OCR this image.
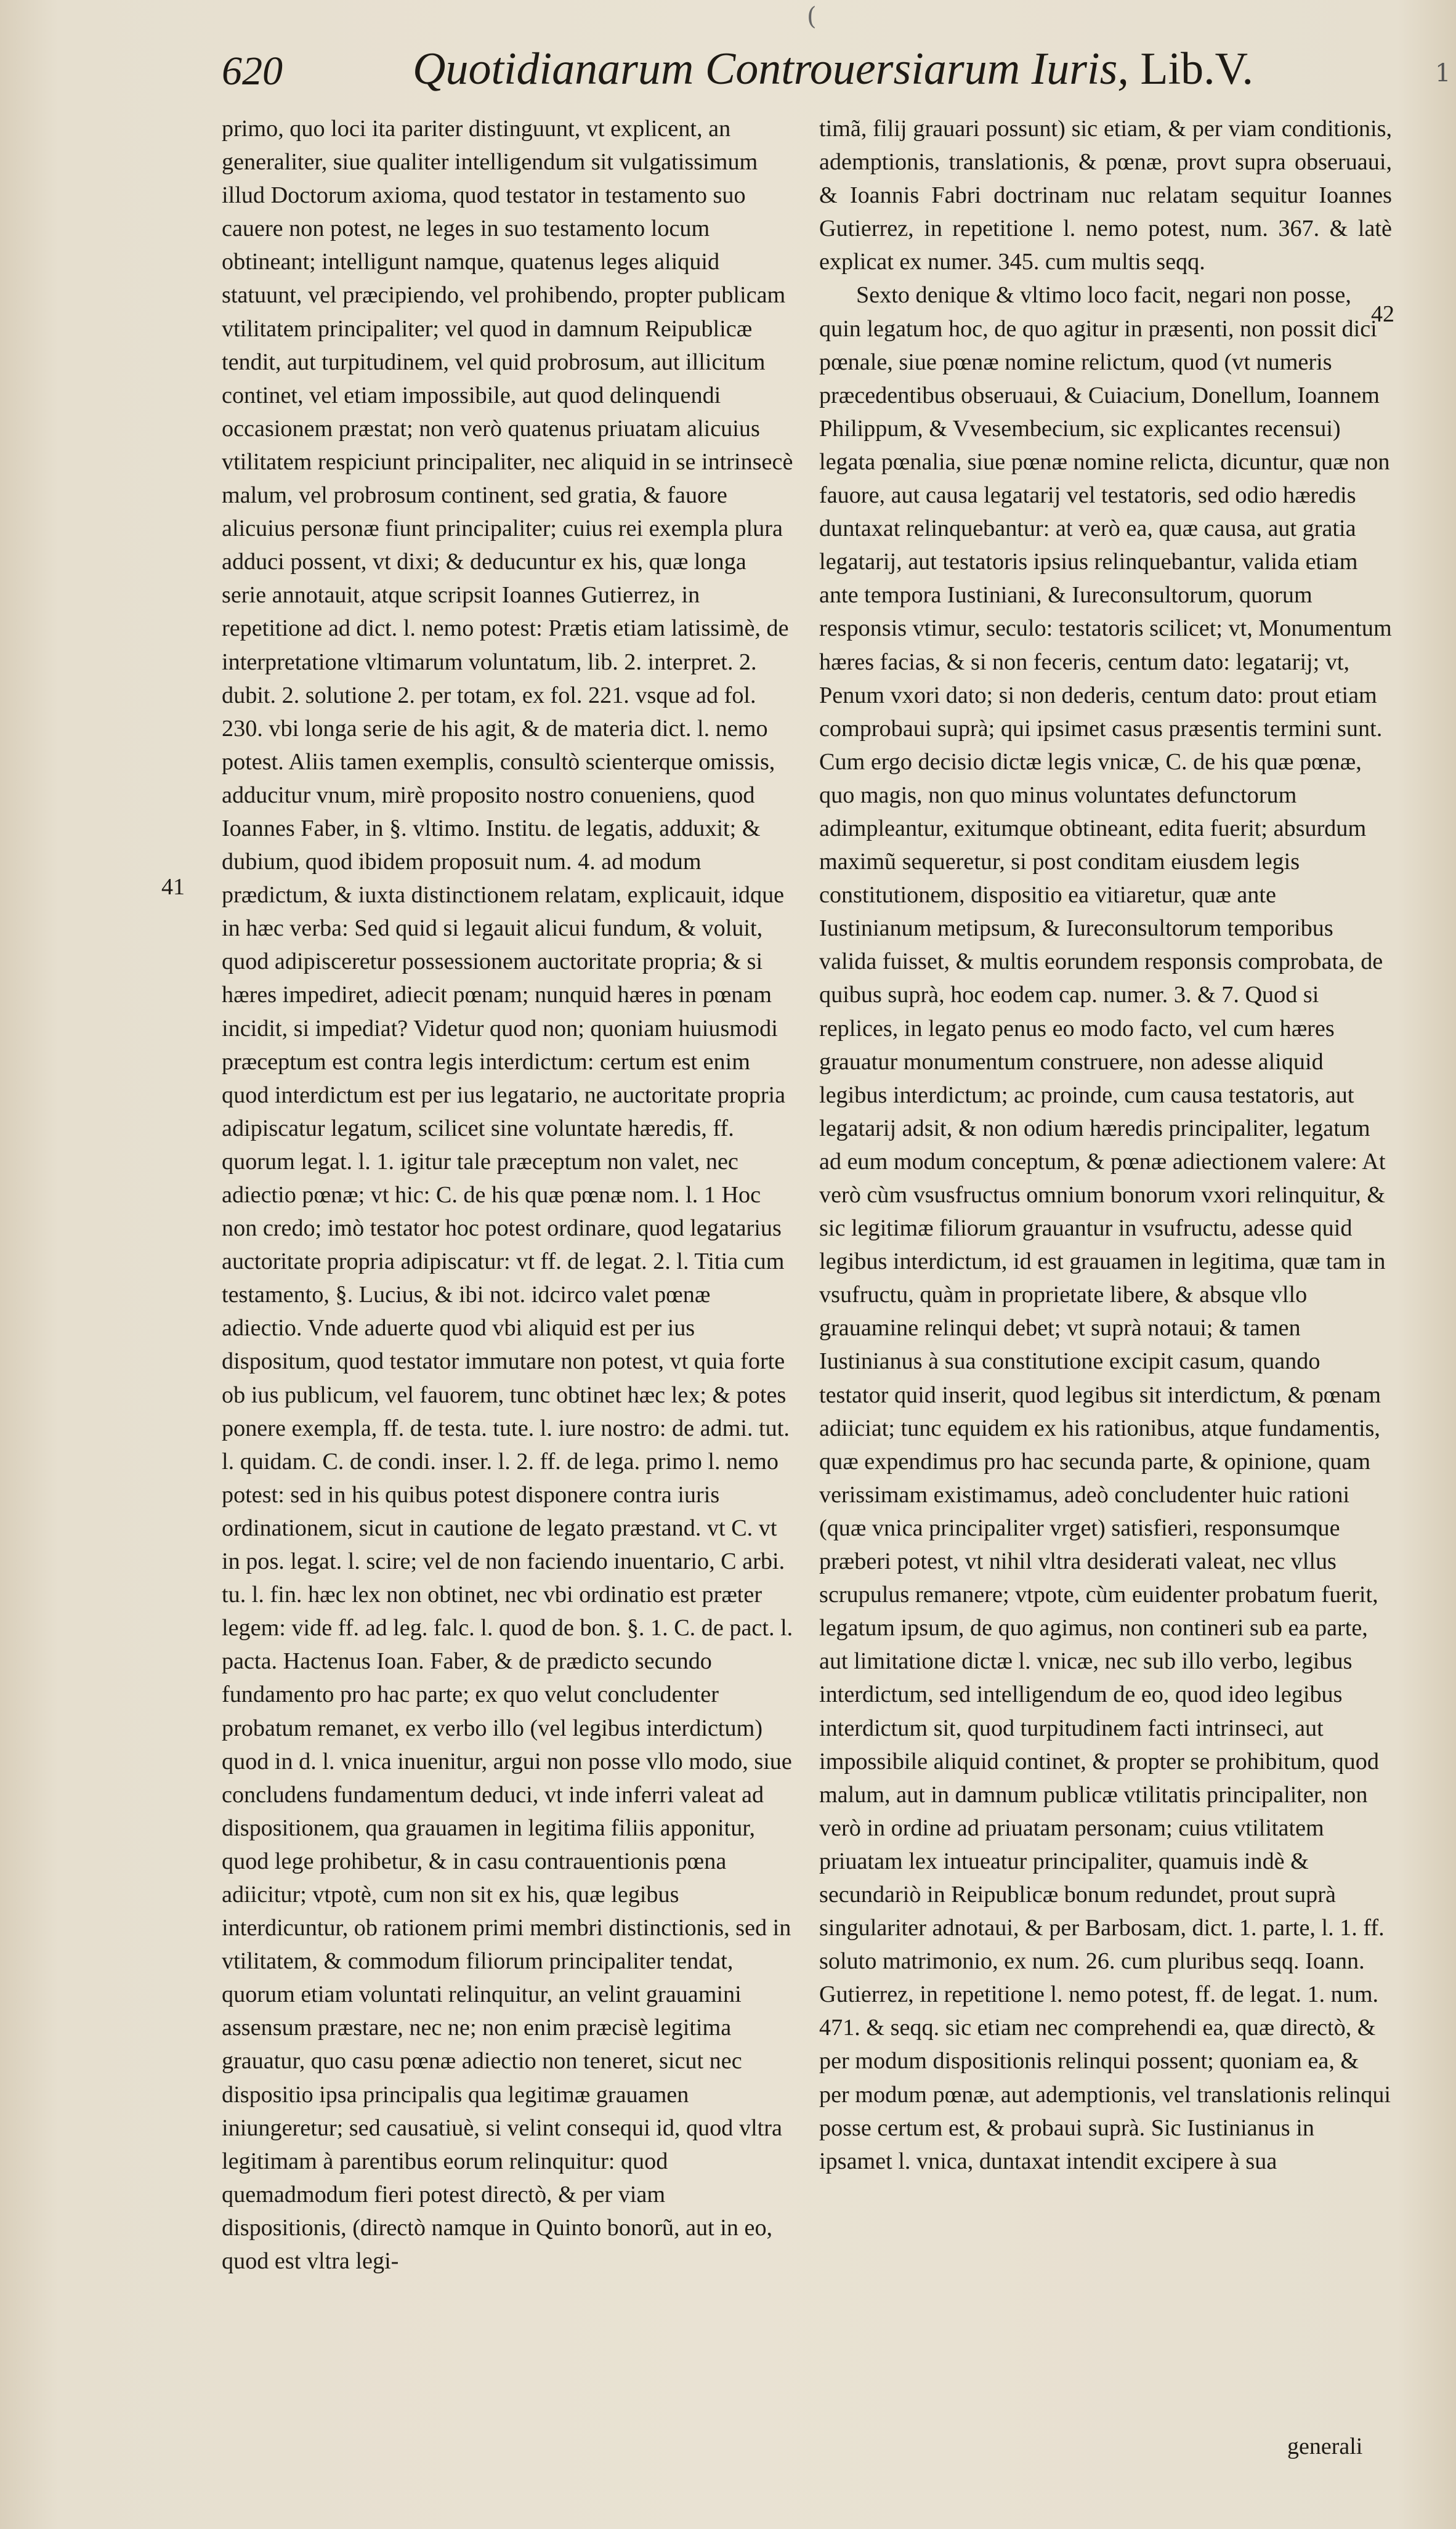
(
1
620	Quotidianarum Controuersiarum Iuris, Lib.V.
41
42

primo, quo loci ita pariter distinguunt, vt explicent, an generaliter, siue qualiter intelligendum sit vulgatissimum illud Doctorum axioma, quod testator in testamento suo cauere non potest, ne leges in suo testamento locum obtineant; intelligunt namque, quatenus leges aliquid statuunt, vel præcipiendo, vel prohibendo, propter publicam vtilitatem principaliter; vel quod in damnum Reipublicæ tendit, aut turpitudinem, vel quid probrosum, aut illicitum continet, vel etiam impossibile, aut quod delinquendi occasionem præstat; non verò quatenus priuatam alicuius vtilitatem respiciunt principaliter, nec aliquid in se intrinsecè malum, vel probrosum continent, sed gratia, & fauore alicuius personæ fiunt principaliter; cuius rei exempla plura adduci possent, vt dixi; & deducuntur ex his, quæ longa serie annotauit, atque scripsit Ioannes Gutierrez, in repetitione ad dict. l. nemo potest: Prætis etiam latissimè, de interpretatione vltimarum voluntatum, lib. 2. interpret. 2. dubit. 2. solutione 2. per totam, ex fol. 221. vsque ad fol. 230. vbi longa serie de his agit, & de materia dict. l. nemo potest. Aliis tamen exemplis, consultò scienterque omissis, adducitur vnum, mirè proposito nostro conueniens, quod Ioannes Faber, in §. vltimo. Institu. de legatis, adduxit; & dubium, quod ibidem proposuit num. 4. ad modum prædictum, & iuxta distinctionem relatam, explicauit, idque in hæc verba: Sed quid si legauit alicui fundum, & voluit, quod adipisceretur possessionem auctoritate propria; & si hæres impediret, adiecit pœnam; nunquid hæres in pœnam incidit, si impediat? Videtur quod non; quoniam huiusmodi præceptum est contra legis interdictum: certum est enim quod interdictum est per ius legatario, ne auctoritate propria adipiscatur legatum, scilicet sine voluntate hæredis, ff. quorum legat. l. 1. igitur tale præceptum non valet, nec adiectio pœnæ; vt hic: C. de his quæ pœnæ nom. l. 1 Hoc non credo; imò testator hoc potest ordinare, quod legatarius auctoritate propria adipiscatur: vt ff. de legat. 2. l. Titia cum testamento, §. Lucius, & ibi not. idcirco valet pœnæ adiectio. Vnde aduerte quod vbi aliquid est per ius dispositum, quod testator immutare non potest, vt quia forte ob ius publicum, vel fauorem, tunc obtinet hæc lex; & potes ponere exempla, ff. de testa. tute. l. iure nostro: de admi. tut. l. quidam. C. de condi. inser. l. 2. ff. de lega. primo l. nemo potest: sed in his quibus potest disponere contra iuris ordinationem, sicut in cautione de legato præstand. vt C. vt in pos. legat. l. scire; vel de non faciendo inuentario, C arbi. tu. l. fin. hæc lex non obtinet, nec vbi ordinatio est præter legem: vide ff. ad leg. falc. l. quod de bon. §. 1. C. de pact. l. pacta. Hactenus Ioan. Faber, & de prædicto secundo fundamento pro hac parte; ex quo velut concludenter probatum remanet, ex verbo illo (vel legibus interdictum) quod in d. l. vnica inuenitur, argui non posse vllo modo, siue concludens fundamentum deduci, vt inde inferri valeat ad dispositionem, qua grauamen in legitima filiis apponitur, quod lege prohibetur, & in casu contrauentionis pœna adiicitur; vtpotè, cum non sit ex his, quæ legibus interdicuntur, ob rationem primi membri distinctionis, sed in vtilitatem, & commodum filiorum principaliter tendat, quorum etiam voluntati relinquitur, an velint grauamini assensum præstare, nec ne; non enim præcisè legitima grauatur, quo casu pœnæ adiectio non teneret, sicut nec dispositio ipsa principalis qua legitimæ grauamen iniungeretur; sed causatiuè, si velint consequi id, quod vltra legitimam à parentibus eorum relinquitur: quod quemadmodum fieri potest directò, & per viam dispositionis, (directò namque in Quinto bonorũ, aut in eo, quod est vltra legi-

timã, filij grauari possunt) sic etiam, & per viam conditionis, ademptionis, translationis, & pœnæ, provt supra obseruaui, & Ioannis Fabri doctrinam nuc relatam sequitur Ioannes Gutierrez, in repetitione l. nemo potest, num. 367. & latè explicat ex numer. 345. cum multis seqq.

Sexto denique & vltimo loco facit, negari non posse, quin legatum hoc, de quo agitur in præsenti, non possit dici pœnale, siue pœnæ nomine relictum, quod (vt numeris præcedentibus obseruaui, & Cuiacium, Donellum, Ioannem Philippum, & Vvesembecium, sic explicantes recensui) legata pœnalia, siue pœnæ nomine relicta, dicuntur, quæ non fauore, aut causa legatarij vel testatoris, sed odio hæredis duntaxat relinquebantur: at verò ea, quæ causa, aut gratia legatarij, aut testatoris ipsius relinquebantur, valida etiam ante tempora Iustiniani, & Iureconsultorum, quorum responsis vtimur, seculo: testatoris scilicet; vt, Monumentum hæres facias, & si non feceris, centum dato: legatarij; vt, Penum vxori dato; si non dederis, centum dato: prout etiam comprobaui suprà; qui ipsimet casus præsentis termini sunt. Cum ergo decisio dictæ legis vnicæ, C. de his quæ pœnæ, quo magis, non quo minus voluntates defunctorum adimpleantur, exitumque obtineant, edita fuerit; absurdum maximũ sequeretur, si post conditam eiusdem legis constitutionem, dispositio ea vitiaretur, quæ ante Iustinianum metipsum, & Iureconsultorum temporibus valida fuisset, & multis eorundem responsis comprobata, de quibus suprà, hoc eodem cap. numer. 3. & 7. Quod si replices, in legato penus eo modo facto, vel cum hæres grauatur monumentum construere, non adesse aliquid legibus interdictum; ac proinde, cum causa testatoris, aut legatarij adsit, & non odium hæredis principaliter, legatum ad eum modum conceptum, & pœnæ adiectionem valere: At verò cùm vsusfructus omnium bonorum vxori relinquitur, & sic legitimæ filiorum grauantur in vsufructu, adesse quid legibus interdictum, id est grauamen in legitima, quæ tam in vsufructu, quàm in proprietate libere, & absque vllo grauamine relinqui debet; vt suprà notaui; & tamen Iustinianus à sua constitutione excipit casum, quando testator quid inserit, quod legibus sit interdictum, & pœnam adiiciat; tunc equidem ex his rationibus, atque fundamentis, quæ expendimus pro hac secunda parte, & opinione, quam verissimam existimamus, adeò concludenter huic rationi (quæ vnica principaliter vrget) satisfieri, responsumque præberi potest, vt nihil vltra desiderati valeat, nec vllus scrupulus remanere; vtpote, cùm euidenter probatum fuerit, legatum ipsum, de quo agimus, non contineri sub ea parte, aut limitatione dictæ l. vnicæ, nec sub illo verbo, legibus interdictum, sed intelligendum de eo, quod ideo legibus interdictum sit, quod turpitudinem facti intrinseci, aut impossibile aliquid continet, & propter se prohibitum, quod malum, aut in damnum publicæ vtilitatis principaliter, non verò in ordine ad priuatam personam; cuius vtilitatem priuatam lex intueatur principaliter, quamuis indè & secundariò in Reipublicæ bonum redundet, prout suprà singulariter adnotaui, & per Barbosam, dict. 1. parte, l. 1. ff. soluto matrimonio, ex num. 26. cum pluribus seqq. Ioann. Gutierrez, in repetitione l. nemo potest, ff. de legat. 1. num. 471. & seqq. sic etiam nec comprehendi ea, quæ directò, & per modum dispositionis relinqui possent; quoniam ea, & per modum pœnæ, aut ademptionis, vel translationis relinqui posse certum est, & probaui suprà. Sic Iustinianus in ipsamet l. vnica, duntaxat intendit excipere à sua

generali
